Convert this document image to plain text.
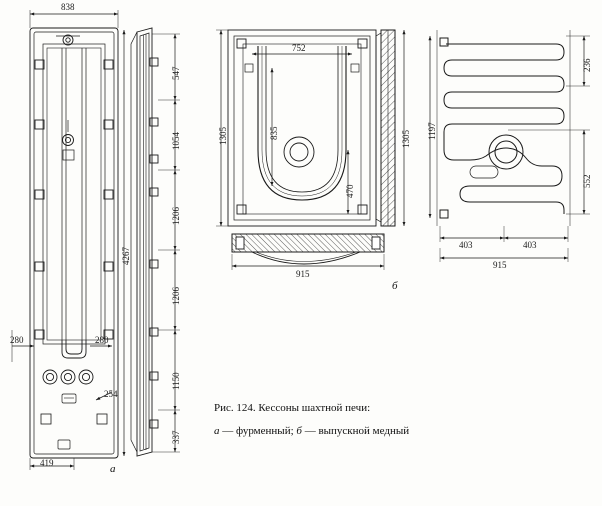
838
419
4267
280	280
254
547
1054
1206
1206
1150
337
752
835
470
1305	1305
915
1197
236
552
403	403
915
а
б
Рис. 124. Кессоны шахтной печи:
а — фурменный; б — выпускной медный
